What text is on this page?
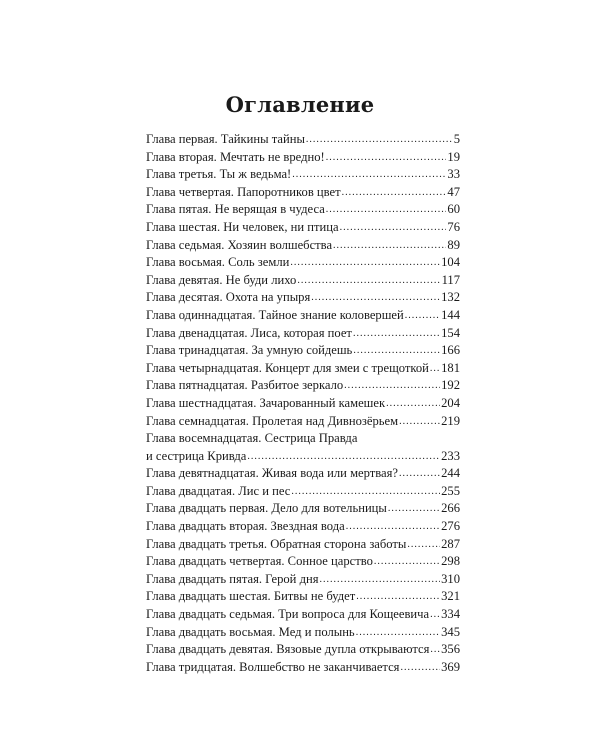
Оглавление
Глава первая. Тайкины тайны .....	5
Глава вторая. Мечтать не вредно! .....	19
Глава третья. Ты ж ведьма! .....	33
Глава четвертая. Папоротников цвет .....	47
Глава пятая. Не верящая в чудеса .....	60
Глава шестая. Ни человек, ни птица .....	76
Глава седьмая. Хозяин волшебства .....	89
Глава восьмая. Соль земли .....	104
Глава девятая. Не буди лихо .....	117
Глава десятая. Охота на упыря .....	132
Глава одиннадцатая. Тайное знание коловершей .....	144
Глава двенадцатая. Лиса, которая поет .....	154
Глава тринадцатая. За умную сойдешь .....	166
Глава четырнадцатая. Концерт для змеи с трещоткой ..... 181
Глава пятнадцатая. Разбитое зеркало .....	192
Глава шестнадцатая. Зачарованный камешек .....	204
Глава семнадцатая. Пролетая над Дивнозёрьем .....	219
Глава восемнадцатая. Сестрица Правда
и сестрица Кривда .....	233
Глава девятнадцатая. Живая вода или мертвая? .....	244
Глава двадцатая. Лис и пес .....	255
Глава двадцать первая. Дело для вотельницы .....	266
Глава двадцать вторая. Звездная вода .....	276
Глава двадцать третья. Обратная сторона заботы .....	287
Глава двадцать четвертая. Сонное царство .....	298
Глава двадцать пятая. Герой дня .....	310
Глава двадцать шестая. Битвы не будет .....	321
Глава двадцать седьмая. Три вопроса для Кощеевича ..... 334
Глава двадцать восьмая. Мед и полынь .....	345
Глава двадцать девятая. Вязовые дупла открываются ..... 356
Глава тридцатая. Волшебство не заканчивается .....	369
